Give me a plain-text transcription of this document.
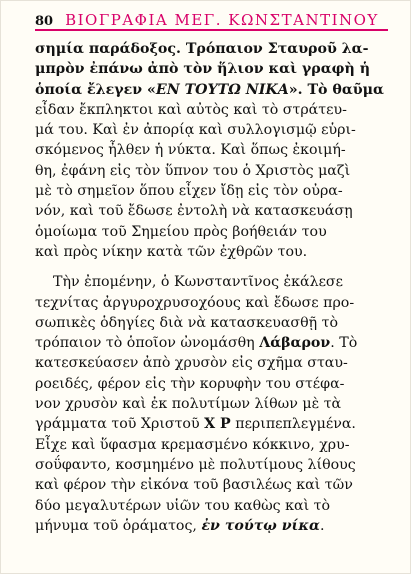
80 ΒΙΟΓΡΑΦΙΑ ΜΕΓ. ΚΩΝΣΤΑΝΤΙΝΟΥ

σημία παράδοξος. Τρόπαιον Σταυροῦ λα-
μπρὸν ἐπάνω ἀπὸ τὸν ἥλιον καὶ γραφὴ ἡ
ὁποία ἔλεγεν «ΕΝ ΤΟΥΤΩ ΝΙΚΑ». Τὸ θαῦμα
εἶδαν ἔκπληκτοι καὶ αὐτὸς καὶ τὸ στράτευ-
μά του. Καὶ ἐν ἀπορίᾳ καὶ συλλογισμῷ εὑρι-
σκόμενος ἦλθεν ἡ νύκτα. Καὶ ὅπως ἐκοιμή-
θη, ἐφάνη εἰς τὸν ὕπνον του ὁ Χριστὸς μαζὶ
μὲ τὸ σημεῖον ὅπου εἶχεν ἴδῃ εἰς τὸν οὐρα-
νόν, καὶ τοῦ ἔδωσε ἐντολὴ νὰ κατασκευάσῃ
ὁμοίωμα τοῦ Σημείου πρὸς βοήθειάν του
καὶ πρὸς νίκην κατὰ τῶν ἐχθρῶν του.

Τὴν ἐπομένην, ὁ Κωνσταντῖνος ἐκάλεσε
τεχνίτας ἀργυροχρυσοχόους καὶ ἔδωσε προ-
σωπικὲς ὁδηγίες διὰ νὰ κατασκευασθῇ τὸ
τρόπαιον τὸ ὁποῖον ὠνομάσθη Λάβαρον. Τὸ
κατεσκεύασεν ἀπὸ χρυσὸν εἰς σχῆμα σταυ-
ροειδές, φέρον εἰς τὴν κορυφὴν του στέφα-
νον χρυσὸν καὶ ἐκ πολυτίμων λίθων μὲ τὰ
γράμματα τοῦ Χριστοῦ Χ Ρ περιπεπλεγμένα.
Εἶχε καὶ ὕφασμα κρεμασμένο κόκκινο, χρυ-
σοΰφαντο, κοσμημένο μὲ πολυτίμους λίθους
καὶ φέρον τὴν εἰκόνα τοῦ βασιλέως καὶ τῶν
δύο μεγαλυτέρων υἱῶν του καθὼς καὶ τὸ
μήνυμα τοῦ ὁράματος, ἐν τούτῳ νίκα.
